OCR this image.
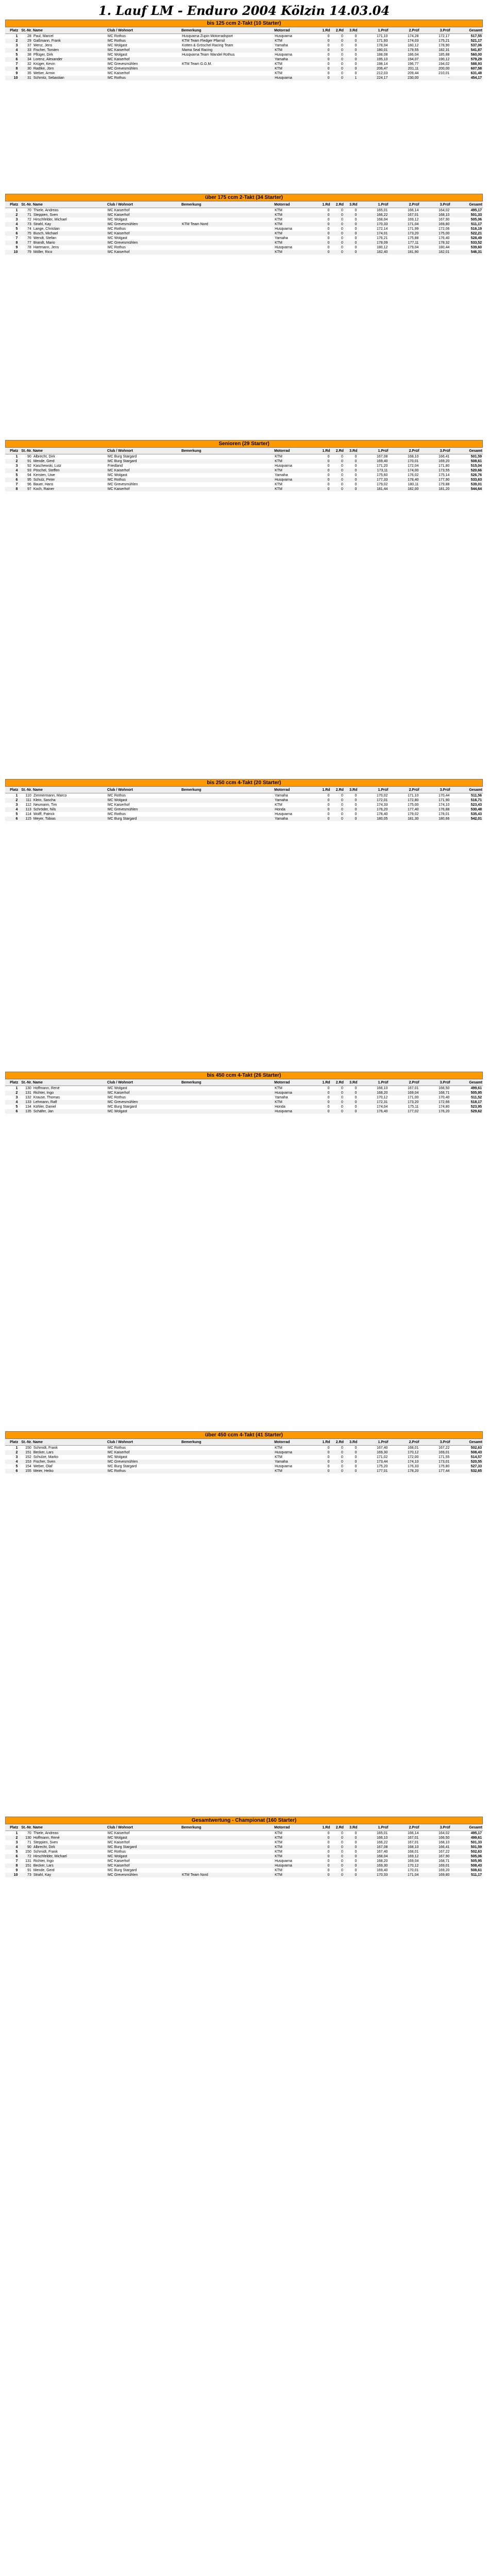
1. Lauf LM - Enduro 2004 Kölzin 14.03.04
bis 125 ccm 2-Takt (10 Starter)
Platz	St.-Nr.	Name	Club / Wohnort	Bemerkung	Motorrad	1.Rd	2.Rd	3.Rd	1.Prüf	2.Prüf	3.Prüf	Gesamt
1	28	Paul, Marcel	MC Rothus	Husqvarna Zupin Motorradsport	Husqvarna	0	0	0	171,10	174,28	172,17	517,55
2	29	Gaßmann, Frank	MC Rothus	KTM Team Fledger Pfarrsil	KTM	0	0	0	171,93	174,03	175,21	521,17
3	37	Wenz, Jens	MC Wolgast	Kotten & Gröschel Racing Team	Yamaha	0	0	0	178,04	180,12	178,90	537,06
4	33	Fischer, Torsten	MC Kaiserhof	Mama Seal Racing	KTM	0	0	0	180,01	179,55	182,31	541,87
5	38	Pflüger, Dirk	MC Wolgast	Husqvarna Team Wandel Rothus	Husqvarna	0	0	0	188,08	186,04	185,88	560,00
6	34	Lorenz, Alexander	MC Kaiserhof		Yamaha	0	0	0	195,10	194,07	190,12	579,29
7	32	Krüger, Kevin	MC Grevesmühlen	KTM Team G.G.M.	KTM	0	0	0	198,14	196,77	194,02	588,93
8	30	Radtke, Jörn	MC Grevesmühlen		KTM	0	0	0	206,47	201,11	200,00	607,58
9	35	Weber, Armin	MC Kaiserhof		KTM	0	0	0	212,03	209,44	210,01	631,48
10	31	Schmitz, Sebastian	MC Rothus		Husqvarna	0	0	1	224,17	230,00	-	454,17
über 175 ccm 2-Takt (34 Starter)
Platz	St.-Nr.	Name	Club / Wohnort	Bemerkung	Motorrad	1.Rd	2.Rd	3.Rd	1.Prüf	2.Prüf	3.Prüf	Gesamt
1	70	Thiele, Andreas	MC Kaiserhof		KTM	0	0	0	165,01	166,14	164,02	495,17
2	71	Steppien, Sven	MC Kaiserhof		KTM	0	0	0	166,22	167,01	168,10	501,33
3	72	Hirschfelder, Michael	MC Wolgast		KTM	0	0	0	168,04	169,12	167,90	505,06
4	73	Strahl, Kay	MC Grevesmühlen	KTM Team Nord	KTM	0	0	0	170,33	171,04	169,80	511,17
5	74	Lange, Christian	MC Rothus		Husqvarna	0	0	0	172,14	171,99	172,06	516,19
6	75	Busch, Michael	MC Kaiserhof		KTM	0	0	0	174,01	173,20	175,00	522,21
7	76	Wendt, Stefan	MC Wolgast		Yamaha	0	0	0	176,21	175,88	176,40	528,49
8	77	Brandt, Mario	MC Grevesmühlen		KTM	0	0	0	178,09	177,11	178,32	533,52
9	78	Hartmann, Jens	MC Rothus		Husqvarna	0	0	0	180,12	179,04	180,44	539,60
10	79	Möller, Rico	MC Kaiserhof		KTM	0	0	0	182,40	181,90	182,01	546,31
Senioren (29 Starter)
Platz	St.-Nr.	Name	Club / Wohnort	Bemerkung	Motorrad	1.Rd	2.Rd	3.Rd	1.Prüf	2.Prüf	3.Prüf	Gesamt
1	90	Albrecht, Dirk	MC Burg Stargard		KTM	0	0	0	167,08	168,10	166,41	501,59
2	91	Mende, Gerd	MC Burg Stargard		KTM	0	0	0	169,40	170,01	169,20	508,61
3	92	Kaschewski, Lutz	Friedland		Husqvarna	0	0	0	171,20	172,04	171,80	515,04
4	93	Pöschel, Steffen	MC Kaiserhof		KTM	0	0	0	173,11	174,00	173,55	520,66
5	94	Kersten, Uwe	MC Wolgast		Yamaha	0	0	0	175,60	176,02	175,14	526,76
6	95	Schulz, Peter	MC Rothus		Husqvarna	0	0	0	177,33	178,40	177,90	533,63
7	96	Bauer, Hans	MC Grevesmühlen		KTM	0	0	0	179,02	180,11	179,88	539,01
8	97	Koch, Rainer	MC Kaiserhof		KTM	0	0	0	181,44	182,00	181,20	544,64
bis 250 ccm 4-Takt (20 Starter)
Platz	St.-Nr.	Name	Club / Wohnort	Bemerkung	Motorrad	1.Rd	2.Rd	3.Rd	1.Prüf	2.Prüf	3.Prüf	Gesamt
1	110	Zimmermann, Marco	MC Rothus		Yamaha	0	0	0	170,02	171,10	170,44	511,56
2	111	Klein, Sascha	MC Wolgast		Yamaha	0	0	0	172,01	172,80	171,90	516,71
3	112	Neumann, Tim	MC Kaiserhof		KTM	0	0	0	174,33	175,00	174,10	523,43
4	113	Schröder, Nils	MC Grevesmühlen		Honda	0	0	0	176,20	177,40	176,88	530,48
5	114	Wolff, Patrick	MC Rothus		Husqvarna	0	0	0	178,40	179,02	178,01	535,43
6	115	Meyer, Tobias	MC Burg Stargard		Yamaha	0	0	0	180,05	181,30	180,66	542,01
bis 450 ccm 4-Takt (26 Starter)
Platz	St.-Nr.	Name	Club / Wohnort	Bemerkung	Motorrad	1.Rd	2.Rd	3.Rd	1.Prüf	2.Prüf	3.Prüf	Gesamt
1	130	Hoffmann, René	MC Wolgast		KTM	0	0	0	166,10	167,01	166,50	499,61
2	131	Richter, Ingo	MC Kaiserhof		Husqvarna	0	0	0	168,20	169,04	168,71	505,95
3	132	Krause, Thomas	MC Rothus		Yamaha	0	0	0	170,12	171,00	170,40	511,52
4	133	Lehmann, Ralf	MC Grevesmühlen		KTM	0	0	0	172,31	173,20	172,66	518,17
5	134	Köhler, Daniel	MC Burg Stargard		Honda	0	0	0	174,04	175,11	174,80	523,95
6	135	Schäfer, Jan	MC Wolgast		Husqvarna	0	0	0	176,40	177,02	176,20	529,62
über 450 ccm 4-Takt (41 Starter)
Platz	St.-Nr.	Name	Club / Wohnort	Bemerkung	Motorrad	1.Rd	2.Rd	3.Rd	1.Prüf	2.Prüf	3.Prüf	Gesamt
1	150	Schmidt, Frank	MC Rothus		KTM	0	0	0	167,40	168,01	167,22	502,63
2	151	Becker, Lars	MC Kaiserhof		Husqvarna	0	0	0	169,30	170,12	169,01	508,43
3	152	Schulze, Marko	MC Wolgast		KTM	0	0	0	171,02	172,00	171,55	514,57
4	153	Fischer, Sven	MC Grevesmühlen		Yamaha	0	0	0	173,44	174,10	173,01	520,55
5	154	Weber, Olaf	MC Burg Stargard		Husqvarna	0	0	0	175,20	176,33	175,80	527,33
6	155	Meier, Heiko	MC Rothus		KTM	0	0	0	177,01	178,20	177,44	532,65
Gesamtwertung - Championat (160 Starter)
Platz	St.-Nr.	Name	Club / Wohnort	Bemerkung	Motorrad	1.Rd	2.Rd	3.Rd	1.Prüf	2.Prüf	3.Prüf	Gesamt
1	70	Thiele, Andreas	MC Kaiserhof		KTM	0	0	0	165,01	166,14	164,02	495,17
2	130	Hoffmann, René	MC Wolgast		KTM	0	0	0	166,10	167,01	166,50	499,61
3	71	Steppien, Sven	MC Kaiserhof		KTM	0	0	0	166,22	167,01	168,10	501,33
4	90	Albrecht, Dirk	MC Burg Stargard		KTM	0	0	0	167,08	168,10	166,41	501,59
5	150	Schmidt, Frank	MC Rothus		KTM	0	0	0	167,40	168,01	167,22	502,63
6	72	Hirschfelder, Michael	MC Wolgast		KTM	0	0	0	168,04	169,12	167,90	505,06
7	131	Richter, Ingo	MC Kaiserhof		Husqvarna	0	0	0	168,20	169,04	168,71	505,95
8	151	Becker, Lars	MC Kaiserhof		Husqvarna	0	0	0	169,30	170,12	169,01	508,43
9	91	Mende, Gerd	MC Burg Stargard		KTM	0	0	0	169,40	170,01	169,20	508,61
10	73	Strahl, Kay	MC Grevesmühlen	KTM Team Nord	KTM	0	0	0	170,33	171,04	169,80	511,17
